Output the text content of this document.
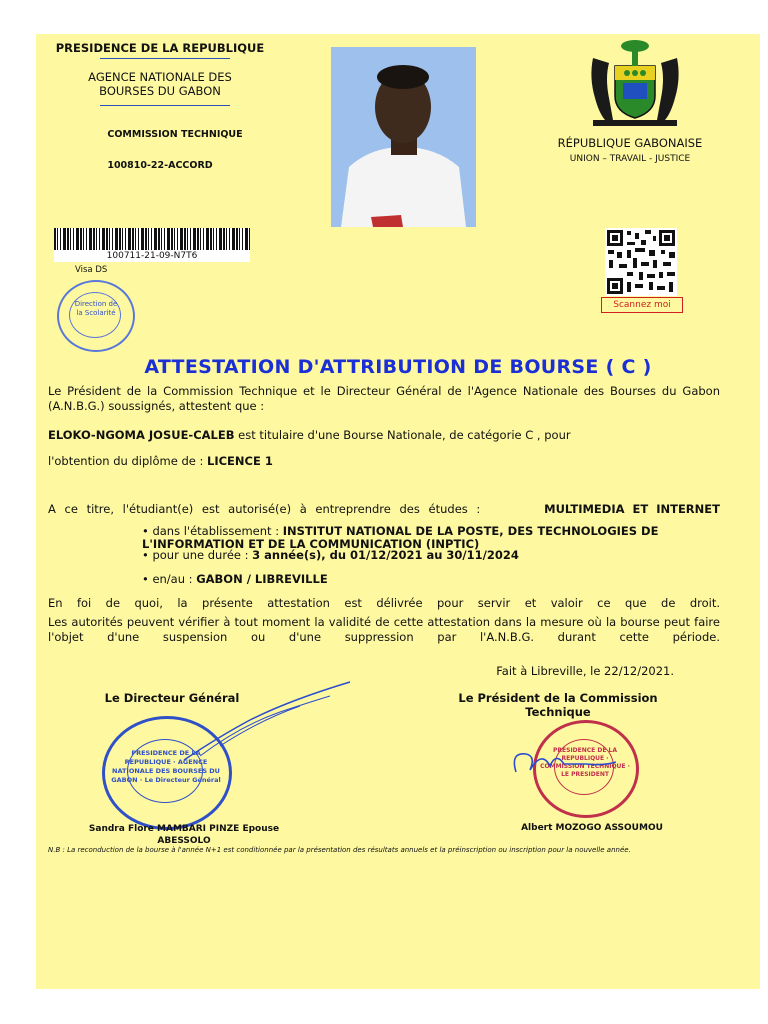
PRESIDENCE DE LA REPUBLIQUE
AGENCE NATIONALE DES BOURSES DU GABON
COMMISSION TECHNIQUE
100810-22-ACCORD
RÉPUBLIQUE GABONAISE
UNION – TRAVAIL - JUSTICE
100711-21-09-N7T6
Scannez moi
Visa DS
Direction de la Scolarité
ATTESTATION D'ATTRIBUTION DE BOURSE ( C )
Le Président de la Commission Technique et le Directeur Général de l'Agence Nationale des Bourses du Gabon (A.N.B.G.) soussignés, attestent que :
ELOKO-NGOMA JOSUE-CALEB est titulaire d'une Bourse Nationale, de catégorie C , pour
l'obtention du diplôme de : LICENCE 1
A ce titre, l'étudiant(e) est autorisé(e) à entreprendre des études :	MULTIMEDIA ET INTERNET
• dans l'établissement : INSTITUT NATIONAL DE LA POSTE, DES TECHNOLOGIES DE L'INFORMATION ET DE LA COMMUNICATION (INPTIC)
• pour une durée : 3 année(s), du 01/12/2021 au 30/11/2024
• en/au : GABON / LIBREVILLE
En foi de quoi, la présente attestation est délivrée pour servir et valoir ce que de droit.
Les autorités peuvent vérifier à tout moment la validité de cette attestation dans la mesure où la bourse peut faire l'objet d'une suspension ou d'une suppression par l'A.N.B.G. durant cette période.
Fait à Libreville, le 22/12/2021.
Le Directeur Général	Le Président de la Commission Technique
PRESIDENCE DE LA REPUBLIQUE · AGENCE NATIONALE DES BOURSES DU GABON · Le Directeur Général
PRESIDENCE DE LA REPUBLIQUE · COMMISSION TECHNIQUE · LE PRESIDENT
Sandra Flore MAMBARI PINZE Epouse ABESSOLO
Albert MOZOGO ASSOUMOU
N.B : La reconduction de la bourse à l'année N+1 est conditionnée par la présentation des résultats annuels et la préinscription ou inscription pour la nouvelle année.
